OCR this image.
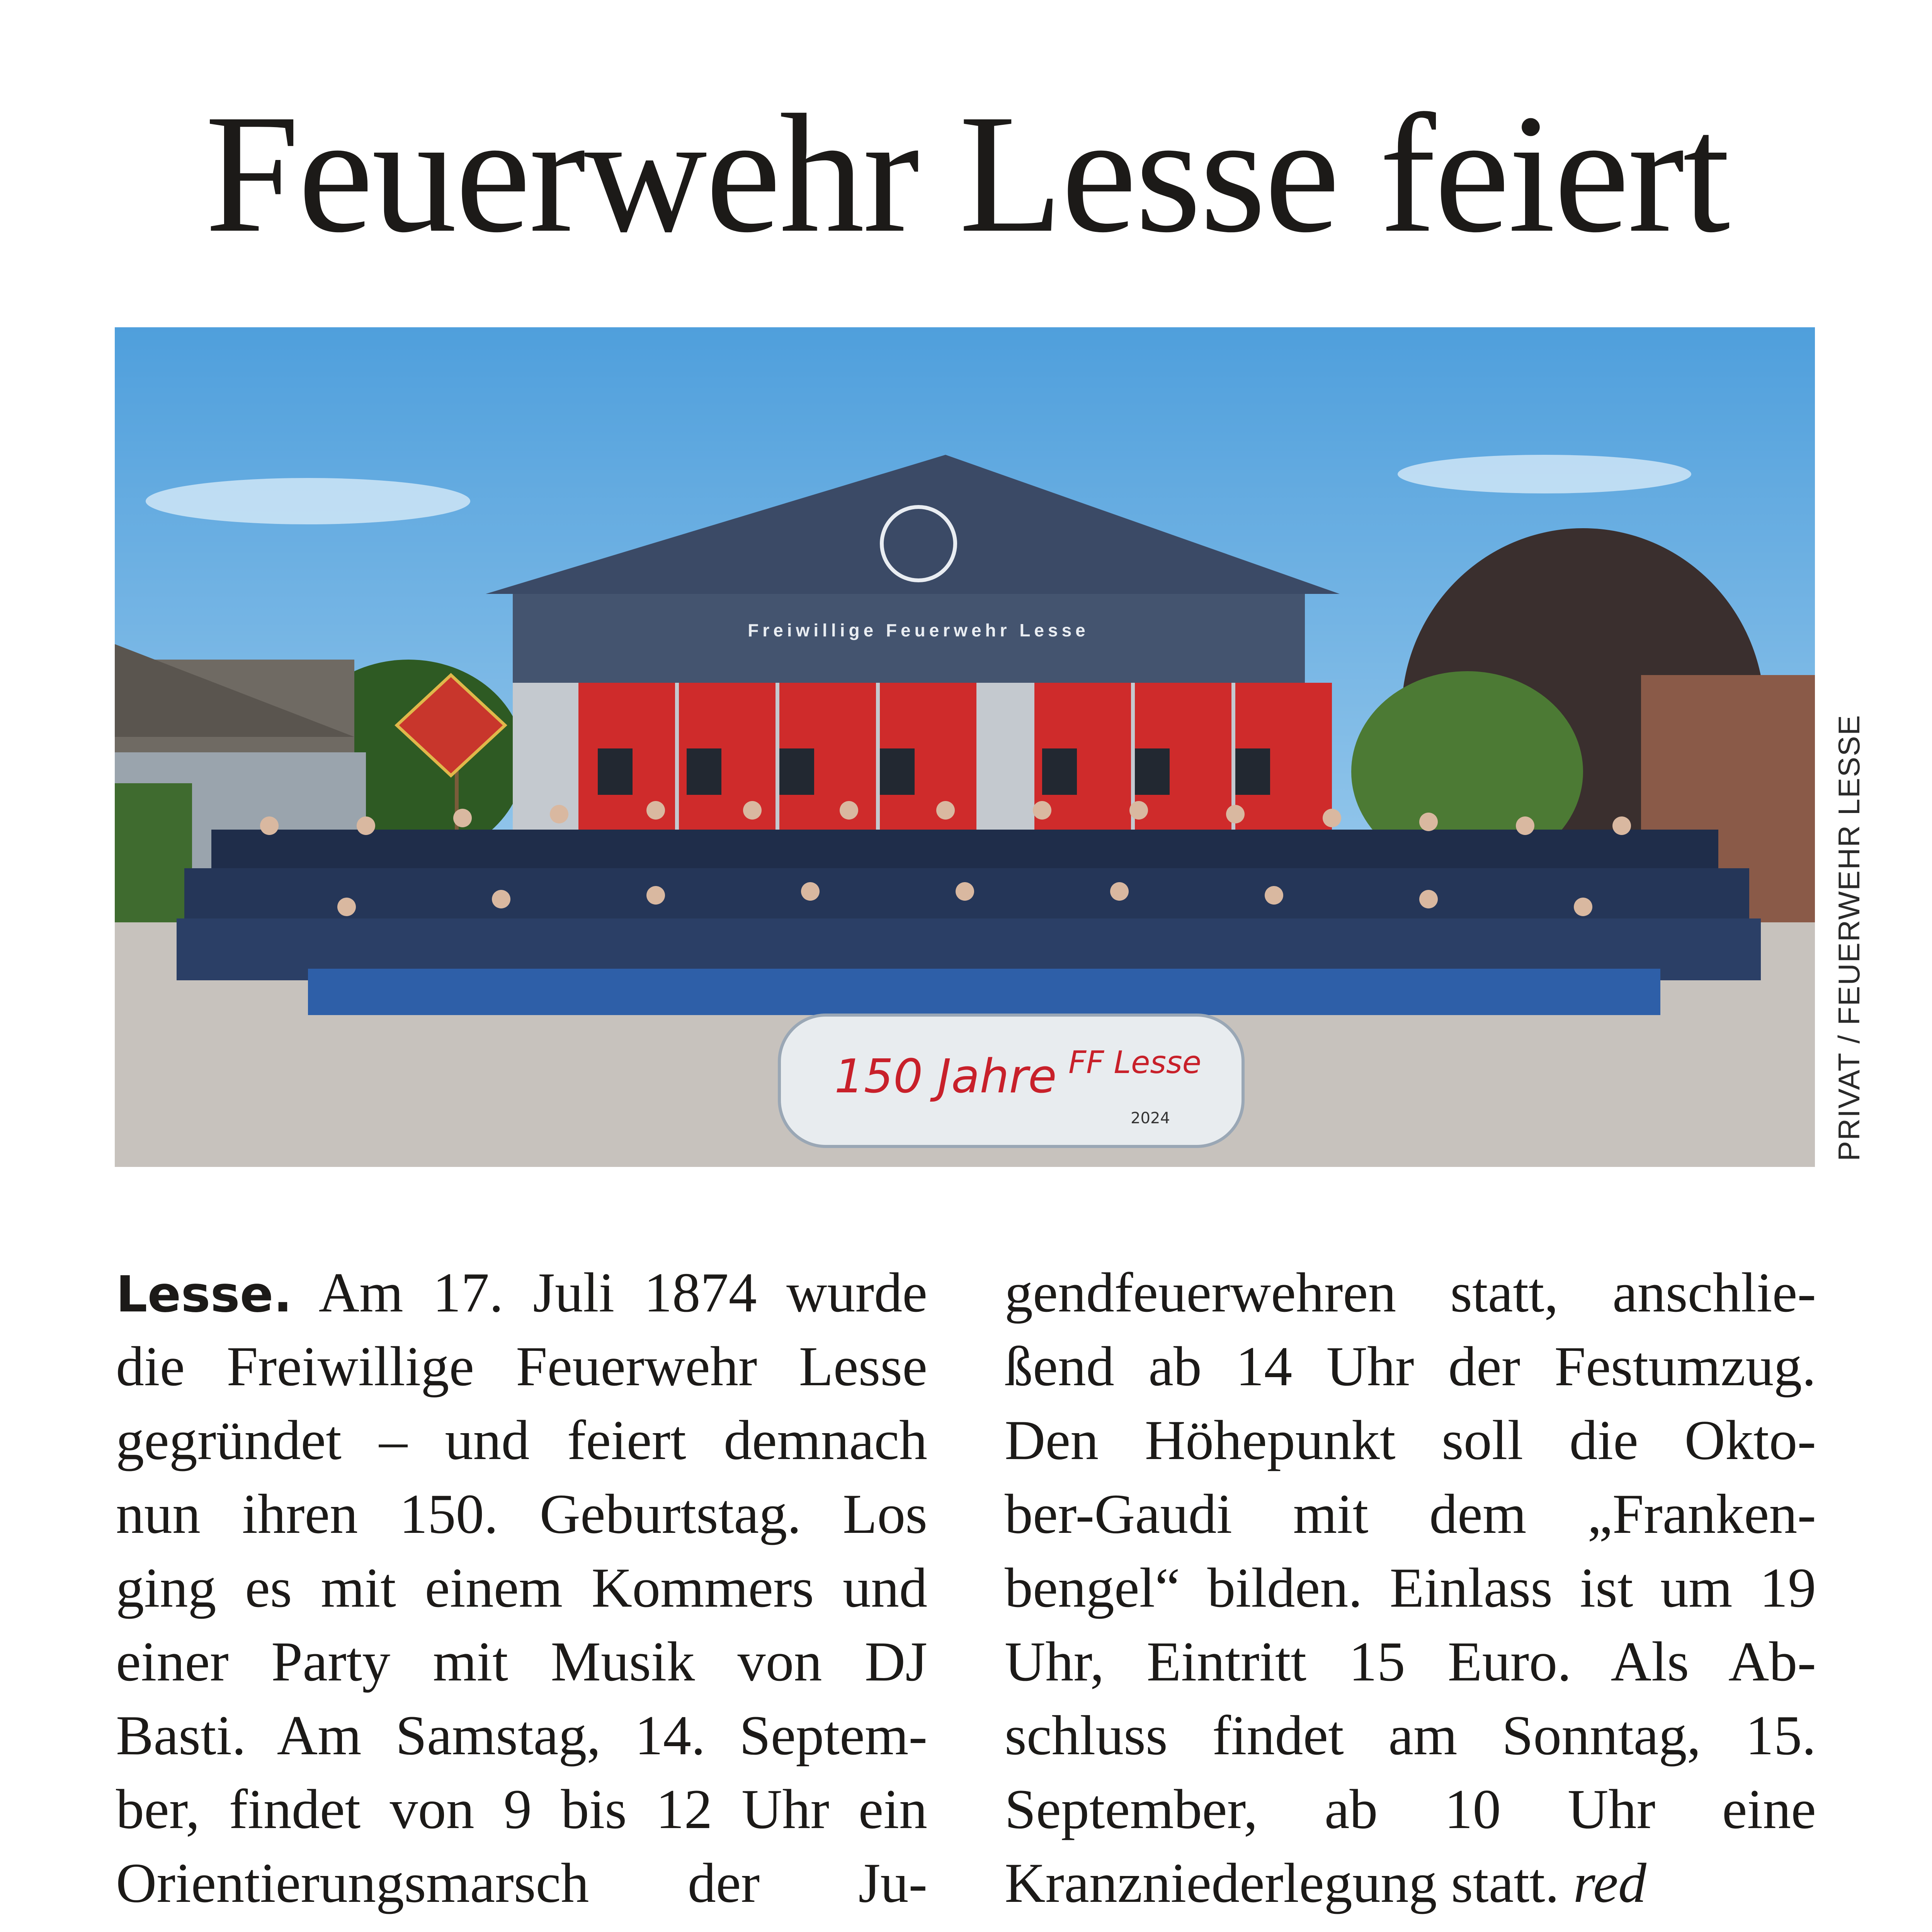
Feuerwehr Lesse feiert
Freiwillige Feuerwehr Lesse
150 Jahre FF Lesse
2024	PRIVAT / FEUERWEHR LESSE
Lesse. Am 17. Juli 1874 wurde
die Freiwillige Feuerwehr Lesse
gegründet – und feiert demnach
nun ihren 150. Geburtstag. Los
ging es mit einem Kommers und
einer Party mit Musik von DJ
Basti. Am Samstag, 14. Septem-
ber, findet von 9 bis 12 Uhr ein
Orientierungsmarsch der Ju-
gendfeuerwehren statt, anschlie-
ßend ab 14 Uhr der Festumzug.
Den Höhepunkt soll die Okto-
ber-Gaudi mit dem „Franken-
bengel“ bilden. Einlass ist um 19
Uhr, Eintritt 15 Euro. Als Ab-
schluss findet am Sonntag, 15.
September, ab 10 Uhr eine
Kranzniederlegung statt. red
